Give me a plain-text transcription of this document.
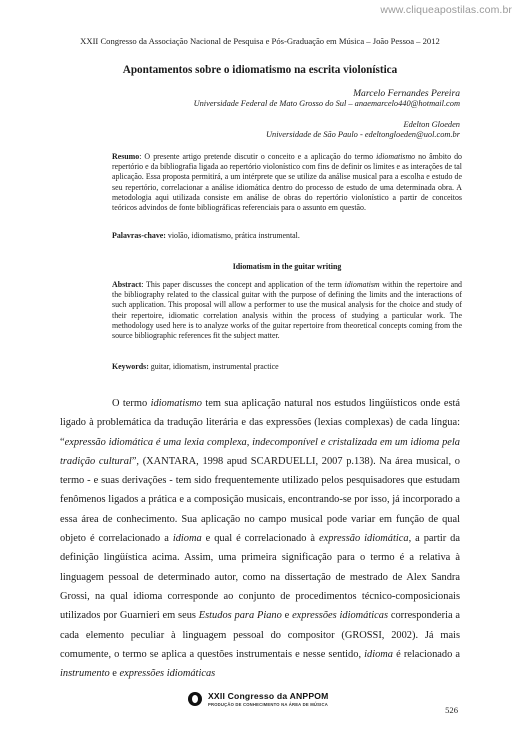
www.cliqueapostilas.com.br
XXII Congresso da Associação Nacional de Pesquisa e Pós-Graduação em Música – João Pessoa – 2012
Apontamentos sobre o idiomatismo na escrita violonística
Marcelo Fernandes Pereira
Universidade Federal de Mato Grosso do Sul – anaemarcelo440@hotmail.com
Edelton Gloeden
Universidade de São Paulo - edeltongloeden@uol.com.br
Resumo: O presente artigo pretende discutir o conceito e a aplicação do termo idiomatismo no âmbito do repertório e da bibliografia ligada ao repertório violonístico com fins de definir os limites e as interações de tal aplicação. Essa proposta permitirá, a um intérprete que se utilize da análise musical para a escolha e estudo de seu repertório, correlacionar a análise idiomática dentro do processo de estudo de uma determinada obra. A metodologia aqui utilizada consiste em análise de obras do repertório violonístico a partir de conceitos teóricos advindos de fonte bibliográficas referenciais para o assunto em questão.
Palavras-chave: violão, idiomatismo, prática instrumental.
Idiomatism in the guitar writing
Abstract: This paper discusses the concept and application of the term idiomatism within the repertoire and the bibliography related to the classical guitar with the purpose of defining the limits and the interactions of such application. This proposal will allow a performer to use the musical analysis for the choice and study of their repertoire, idiomatic correlation analysis within the process of studying a particular work. The methodology used here is to analyze works of the guitar repertoire from theoretical concepts coming from the source bibliographic references fit the subject matter.
Keywords: guitar, idiomatism, instrumental practice
O termo idiomatismo tem sua aplicação natural nos estudos lingüísticos onde está ligado à problemática da tradução literária e das expressões (lexias complexas) de cada língua: “expressão idiomática é uma lexia complexa, indecomponível e cristalizada em um idioma pela tradição cultural”, (XANTARA, 1998 apud SCARDUELLI, 2007 p.138). Na área musical, o termo - e suas derivações - tem sido frequentemente utilizado pelos pesquisadores que estudam fenômenos ligados a prática e a composição musicais, encontrando-se por isso, já incorporado a essa área de conhecimento. Sua aplicação no campo musical pode variar em função de qual objeto é correlacionado a idioma e qual é correlacionado à expressão idiomática, a partir da definição lingüística acima. Assim, uma primeira significação para o termo é a relativa à linguagem pessoal de determinado autor, como na dissertação de mestrado de Alex Sandra Grossi, na qual idioma corresponde ao conjunto de procedimentos técnico-composicionais utilizados por Guarnieri em seus Estudos para Piano e expressões idiomáticas corresponderia a cada elemento peculiar à linguagem pessoal do compositor (GROSSI, 2002). Já mais comumente, o termo se aplica a questões instrumentais e nesse sentido, idioma é relacionado a instrumento e expressões idiomáticas
XXII Congresso da ANPPOM
PRODUÇÃO DE CONHECIMENTO NA ÁREA DE MÚSICA
526
